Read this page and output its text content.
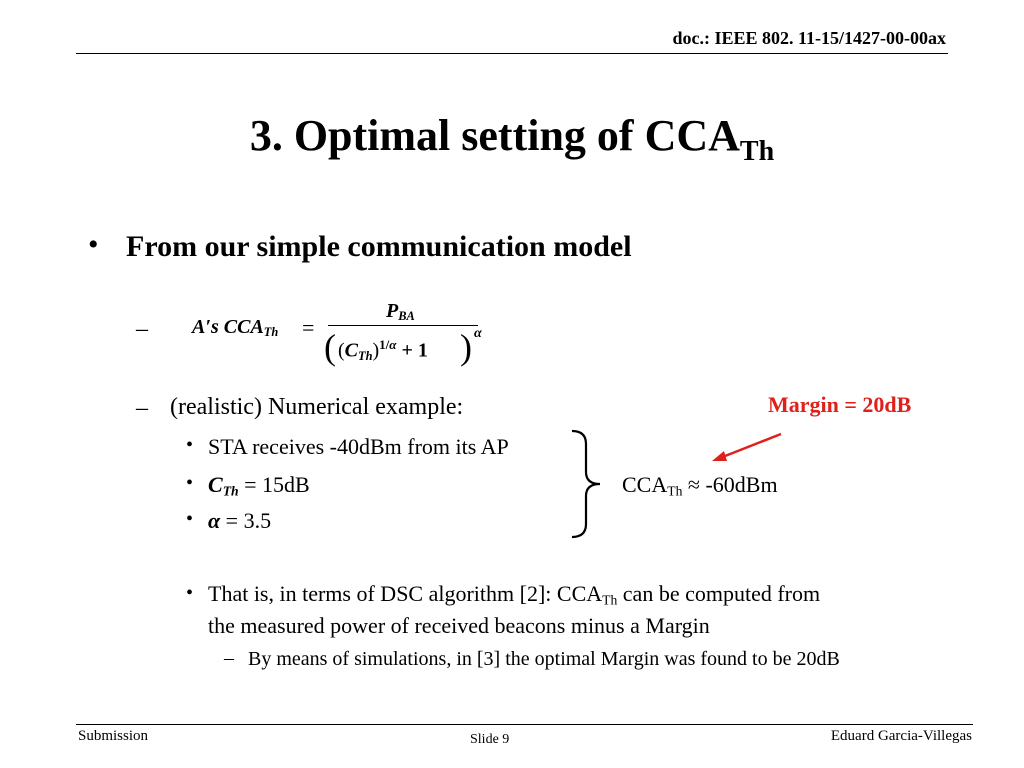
doc.: IEEE 802. 11-15/1427-00-00ax
3. Optimal setting of $CCA_{Th}$
• From our simple communication model
– A′s $CCA_{Th}$ =
$P_{BA}$
( $(C_{Th})^{1/\alpha} + 1$ ) α
– (realistic) Numerical example:
• STA receives -40dBm from its AP
• $C_{Th} = 15dB$
• α = 3.5
$CCA_{Th} \approx -60dBm$
Margin = 20dB
• That is, in terms of DSC algorithm [2]: $CCA_{Th}$ can be computed from
the measured power of received beacons minus a Margin
– By means of simulations, in [3] the optimal Margin was found to be 20dB
Submission	Slide 9	Eduard Garcia-Villegas
